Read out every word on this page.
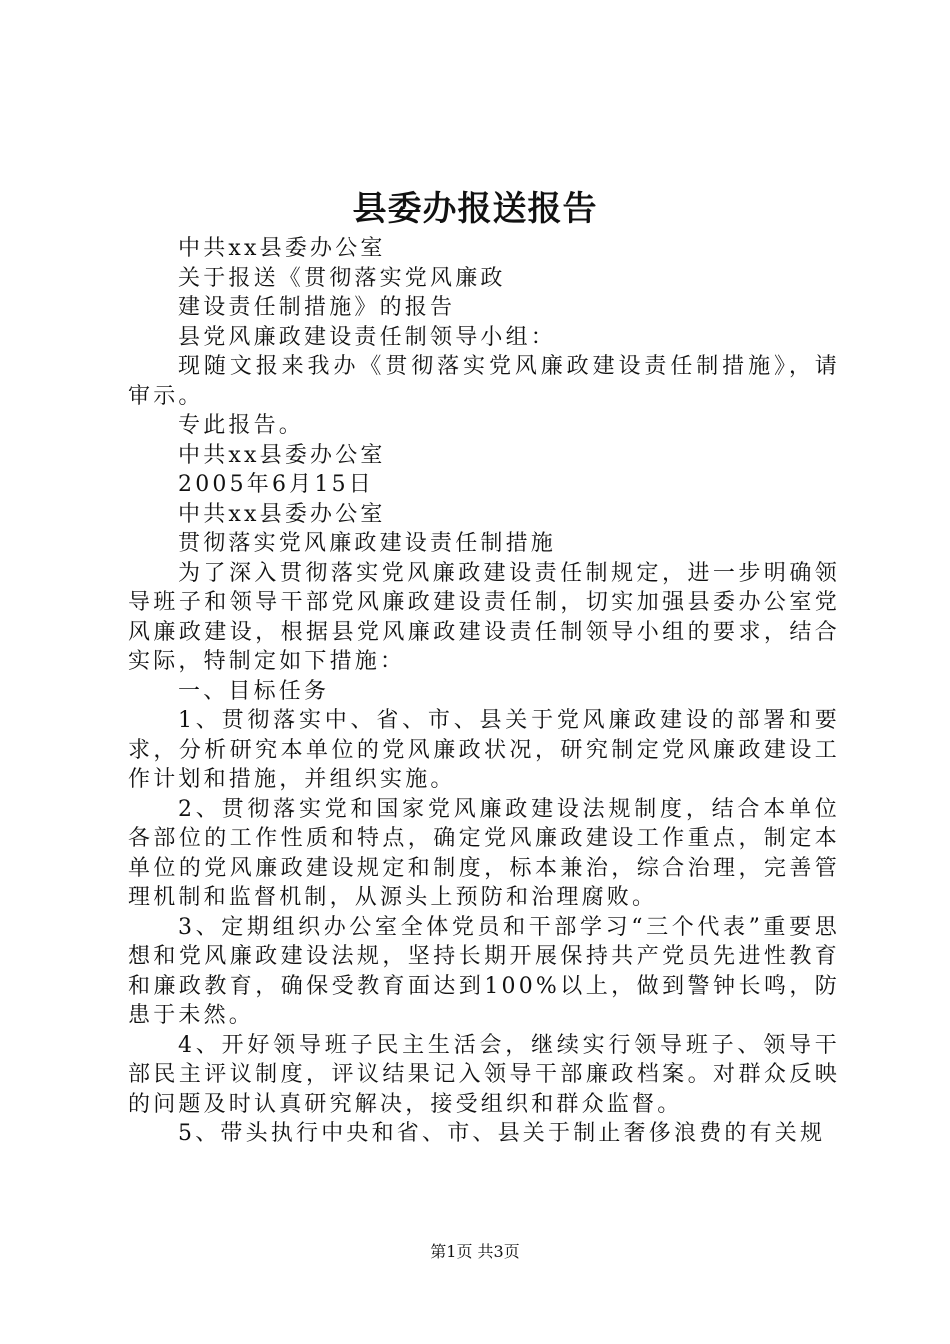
县委办报送报告

中共xx县委办公室

关于报送《贯彻落实党风廉政

建设责任制措施》的报告

县党风廉政建设责任制领导小组：

现随文报来我办《贯彻落实党风廉政建设责任制措施》，请审示。

专此报告。

中共xx县委办公室

2005年6月15日

中共xx县委办公室

贯彻落实党风廉政建设责任制措施

为了深入贯彻落实党风廉政建设责任制规定，进一步明确领导班子和领导干部党风廉政建设责任制，切实加强县委办公室党风廉政建设，根据县党风廉政建设责任制领导小组的要求，结合实际，特制定如下措施：

一、目标任务

1、贯彻落实中、省、市、县关于党风廉政建设的部署和要求，分析研究本单位的党风廉政状况，研究制定党风廉政建设工作计划和措施，并组织实施。

2、贯彻落实党和国家党风廉政建设法规制度，结合本单位各部位的工作性质和特点，确定党风廉政建设工作重点，制定本单位的党风廉政建设规定和制度，标本兼治，综合治理，完善管理机制和监督机制，从源头上预防和治理腐败。

3、定期组织办公室全体党员和干部学习“三个代表”重要思想和党风廉政建设法规，坚持长期开展保持共产党员先进性教育和廉政教育，确保受教育面达到100%以上，做到警钟长鸣，防患于未然。

4、开好领导班子民主生活会，继续实行领导班子、领导干部民主评议制度，评议结果记入领导干部廉政档案。对群众反映的问题及时认真研究解决，接受组织和群众监督。

5、带头执行中央和省、市、县关于制止奢侈浪费的有关规

第1页 共3页
